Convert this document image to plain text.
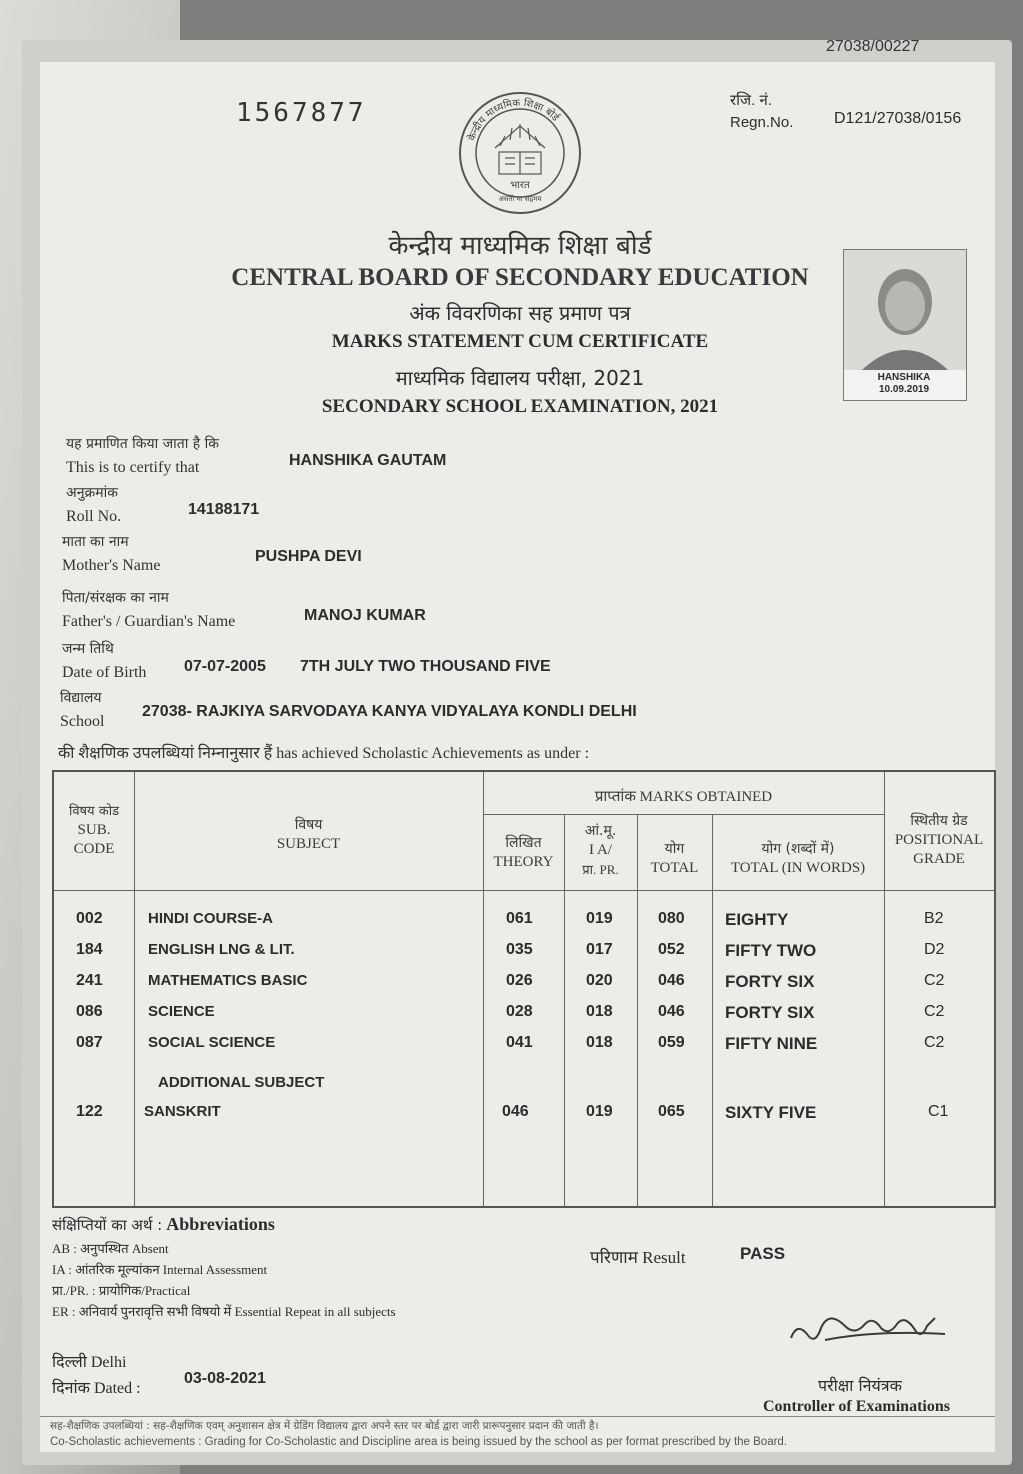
27038/00227
1567877
केन्द्रीय माध्यमिक शिक्षा बोर्ड
भारत
असतो मा सद्गमय
रजि. नं.
Regn.No.	D121/27038/0156
केन्द्रीय माध्यमिक शिक्षा बोर्ड
CENTRAL BOARD OF SECONDARY EDUCATION
अंक विवरणिका सह प्रमाण पत्र
MARKS STATEMENT CUM CERTIFICATE
माध्यमिक विद्यालय परीक्षा, 2021
SECONDARY SCHOOL EXAMINATION, 2021
HANSHIKA
10.09.2019
यह प्रमाणित किया जाता है कि
This is to certify that	HANSHIKA GAUTAM
अनुक्रमांक
Roll No.	14188171
माता का नाम
Mother's Name
PUSHPA DEVI
पिता/संरक्षक का नाम
Father's / Guardian's Name	MANOJ KUMAR
जन्म तिथि
Date of Birth 07-07-2005 7TH JULY TWO THOUSAND FIVE
विद्यालय
School
27038- RAJKIYA SARVODAYA KANYA VIDYALAYA KONDLI DELHI
की शैक्षणिक उपलब्धियां निम्नानुसार हैं has achieved Scholastic Achievements as under :
विषय कोड
SUB.
CODE
विषय
SUBJECT
प्राप्तांक MARKS OBTAINED
लिखित
THEORY
आं.मू.
I A/
प्रा. PR.
योग
TOTAL
योग (शब्दों में)
TOTAL (IN WORDS)
स्थितीय ग्रेड
POSITIONAL
GRADE
002	HINDI COURSE-A	061	019	080 EIGHTY	B2
184	ENGLISH LNG & LIT.	035	017	052 FIFTY TWO	D2
241	MATHEMATICS BASIC	026	020	046 FORTY SIX	C2
086	SCIENCE	028	018	046 FORTY SIX	C2
087	SOCIAL SCIENCE	041	018	059 FIFTY NINE	C2
ADDITIONAL SUBJECT
122	SANSKRIT	046	019	065 SIXTY FIVE	C1
संक्षिप्तियों का अर्थ : Abbreviations
AB : अनुपस्थित Absent
IA : आंतरिक मूल्यांकन Internal Assessment
प्रा./PR. : प्रायोगिक/Practical
ER : अनिवार्य पुनरावृत्ति सभी विषयो में Essential Repeat in all subjects
परिणाम Result	PASS
दिल्ली Delhi
दिनांक Dated :
03-08-2021	परीक्षा नियंत्रक
Controller of Examinations
सह-शैक्षणिक उपलब्धियां : सह-शैक्षणिक एवम् अनुशासन क्षेत्र में ग्रेडिंग विद्यालय द्वारा अपने स्तर पर बोर्ड द्वारा जारी प्रारूपनुसार प्रदान की जाती है।
Co-Scholastic achievements : Grading for Co-Scholastic and Discipline area is being issued by the school as per format prescribed by the Board.
